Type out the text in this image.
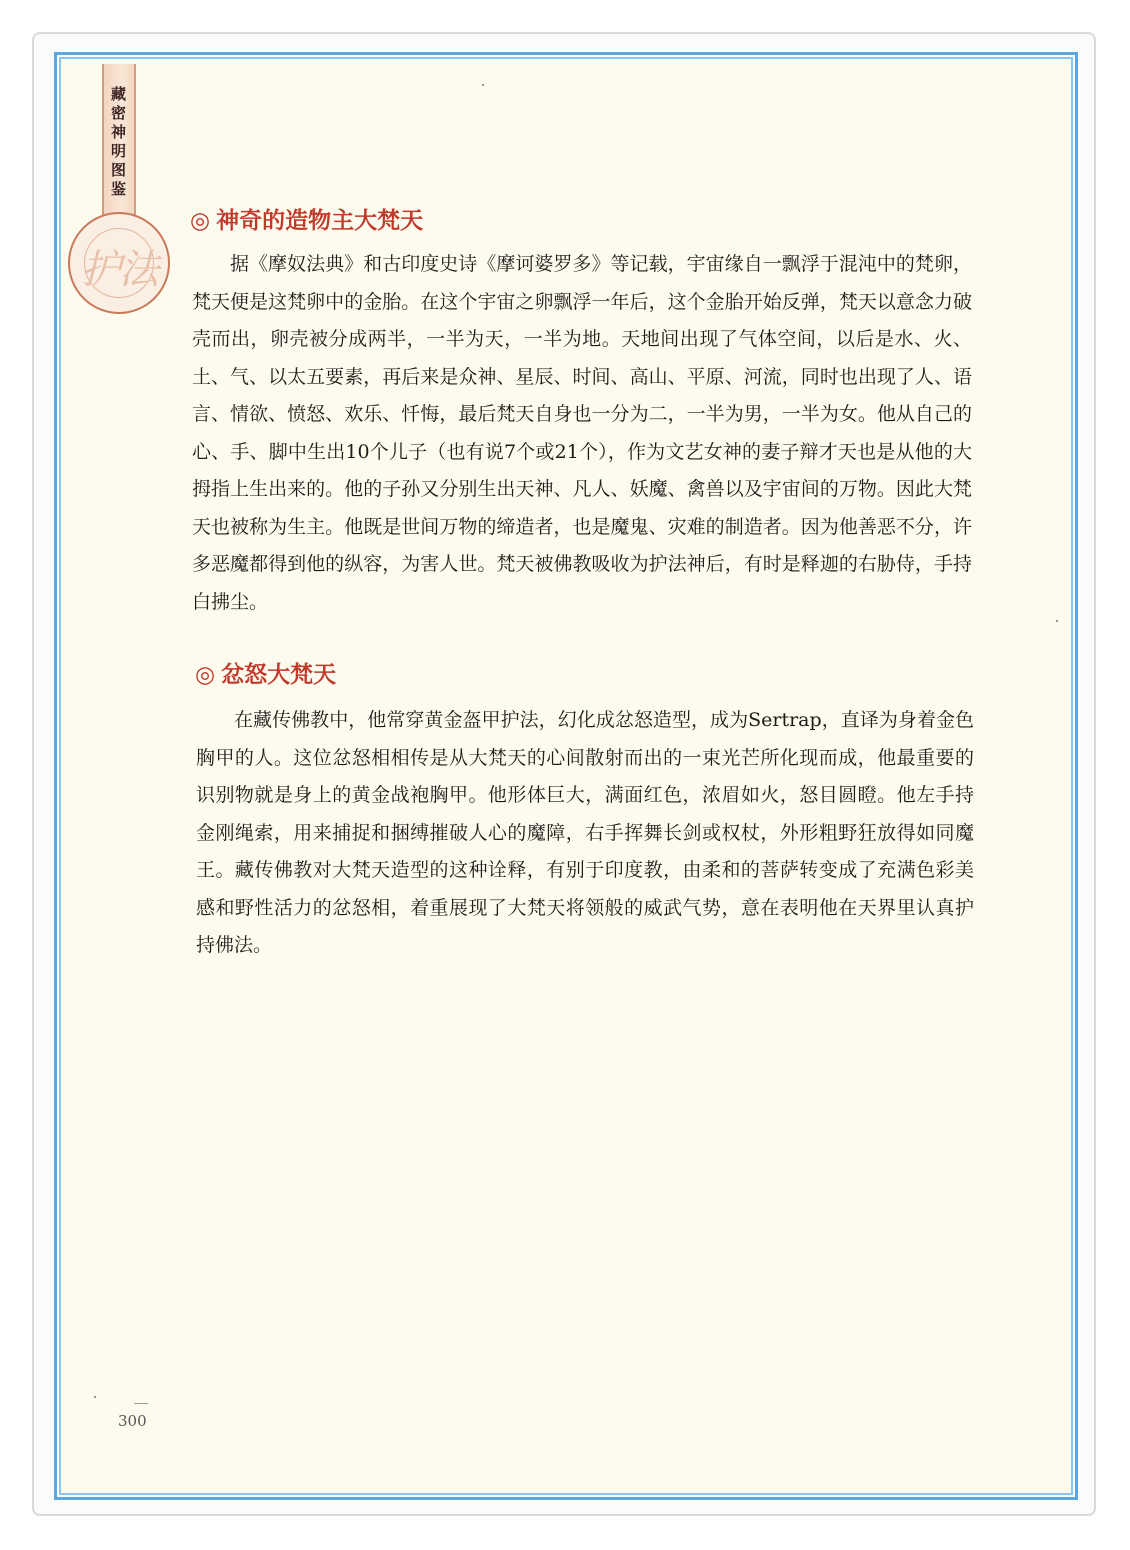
藏密神明图鉴
护法
◎ 神奇的造物主大梵天
据《摩奴法典》和古印度史诗《摩诃婆罗多》等记载，宇宙缘自一飘浮于混沌中的梵卵，梵天便是这梵卵中的金胎。在这个宇宙之卵飘浮一年后，这个金胎开始反弹，梵天以意念力破壳而出，卵壳被分成两半，一半为天，一半为地。天地间出现了气体空间，以后是水、火、土、气、以太五要素，再后来是众神、星辰、时间、高山、平原、河流，同时也出现了人、语言、情欲、愤怒、欢乐、忏悔，最后梵天自身也一分为二，一半为男，一半为女。他从自己的心、手、脚中生出10个儿子（也有说7个或21个），作为文艺女神的妻子辩才天也是从他的大拇指上生出来的。他的子孙又分别生出天神、凡人、妖魔、禽兽以及宇宙间的万物。因此大梵天也被称为生主。他既是世间万物的缔造者，也是魔鬼、灾难的制造者。因为他善恶不分，许多恶魔都得到他的纵容，为害人世。梵天被佛教吸收为护法神后，有时是释迦的右胁侍，手持白拂尘。
◎ 忿怒大梵天
在藏传佛教中，他常穿黄金盔甲护法，幻化成忿怒造型，成为Sertrap，直译为身着金色胸甲的人。这位忿怒相相传是从大梵天的心间散射而出的一束光芒所化现而成，他最重要的识别物就是身上的黄金战袍胸甲。他形体巨大，满面红色，浓眉如火，怒目圆瞪。他左手持金刚绳索，用来捕捉和捆缚摧破人心的魔障，右手挥舞长剑或权杖，外形粗野狂放得如同魔王。藏传佛教对大梵天造型的这种诠释，有别于印度教，由柔和的菩萨转变成了充满色彩美感和野性活力的忿怒相，着重展现了大梵天将领般的威武气势，意在表明他在天界里认真护持佛法。
300
